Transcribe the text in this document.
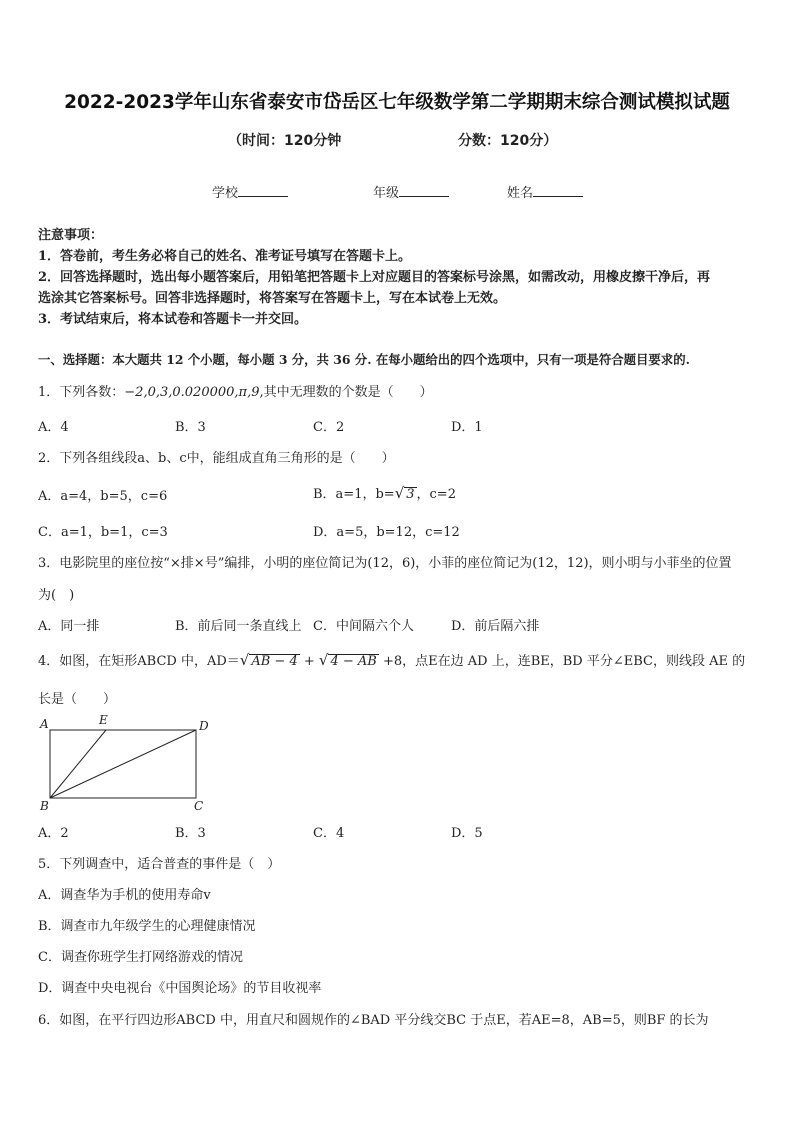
2022-2023学年山东省泰安市岱岳区七年级数学第二学期期末综合测试模拟试题
（时间：120分钟	分数：120分）
学校	年级	姓名
注意事项：
1．答卷前，考生务必将自己的姓名、准考证号填写在答题卡上。
2．回答选择题时，选出每小题答案后，用铅笔把答题卡上对应题目的答案标号涂黑，如需改动，用橡皮擦干净后，再
选涂其它答案标号。回答非选择题时，将答案写在答题卡上，写在本试卷上无效。
3．考试结束后，将本试卷和答题卡一并交回。
一、选择题：本大题共 12 个小题，每小题 3 分，共 36 分. 在每小题给出的四个选项中，只有一项是符合题目要求的.
1．下列各数：−2,0,3,0.020000,π,9,其中无理数的个数是（　　）
A．4	B．3	C．2	D．1
2．下列各组线段a、b、c中，能组成直角三角形的是（　　）
A．a=4，b=5，c=6	B．a=1，b=√ 3 ，c=2
C．a=1，b=1，c=3	D．a=5，b=12，c=12
3．电影院里的座位按“×排×号”编排，小明的座位简记为(12，6)，小菲的座位简记为(12，12)，则小明与小菲坐的位置
为(　)
A．同一排	B．前后同一条直线上 C．中间隔六个人	D．前后隔六排
4．如图，在矩形ABCD 中，AD＝√ AB − 4 + √ 4 − AB +8，点E在边 AD 上，连BE，BD 平分∠EBC，则线段 AE 的
长是（　　）
A	E	D
B	C
A．2	B．3	C．4	D．5
5．下列调查中，适合普查的事件是（　）
A．调查华为手机的使用寿命v
B．调查市九年级学生的心理健康情况
C．调查你班学生打网络游戏的情况
D．调查中央电视台《中国舆论场》的节目收视率
6．如图，在平行四边形ABCD 中，用直尺和圆规作的∠BAD 平分线交BC 于点E，若AE=8，AB=5，则BF 的长为
